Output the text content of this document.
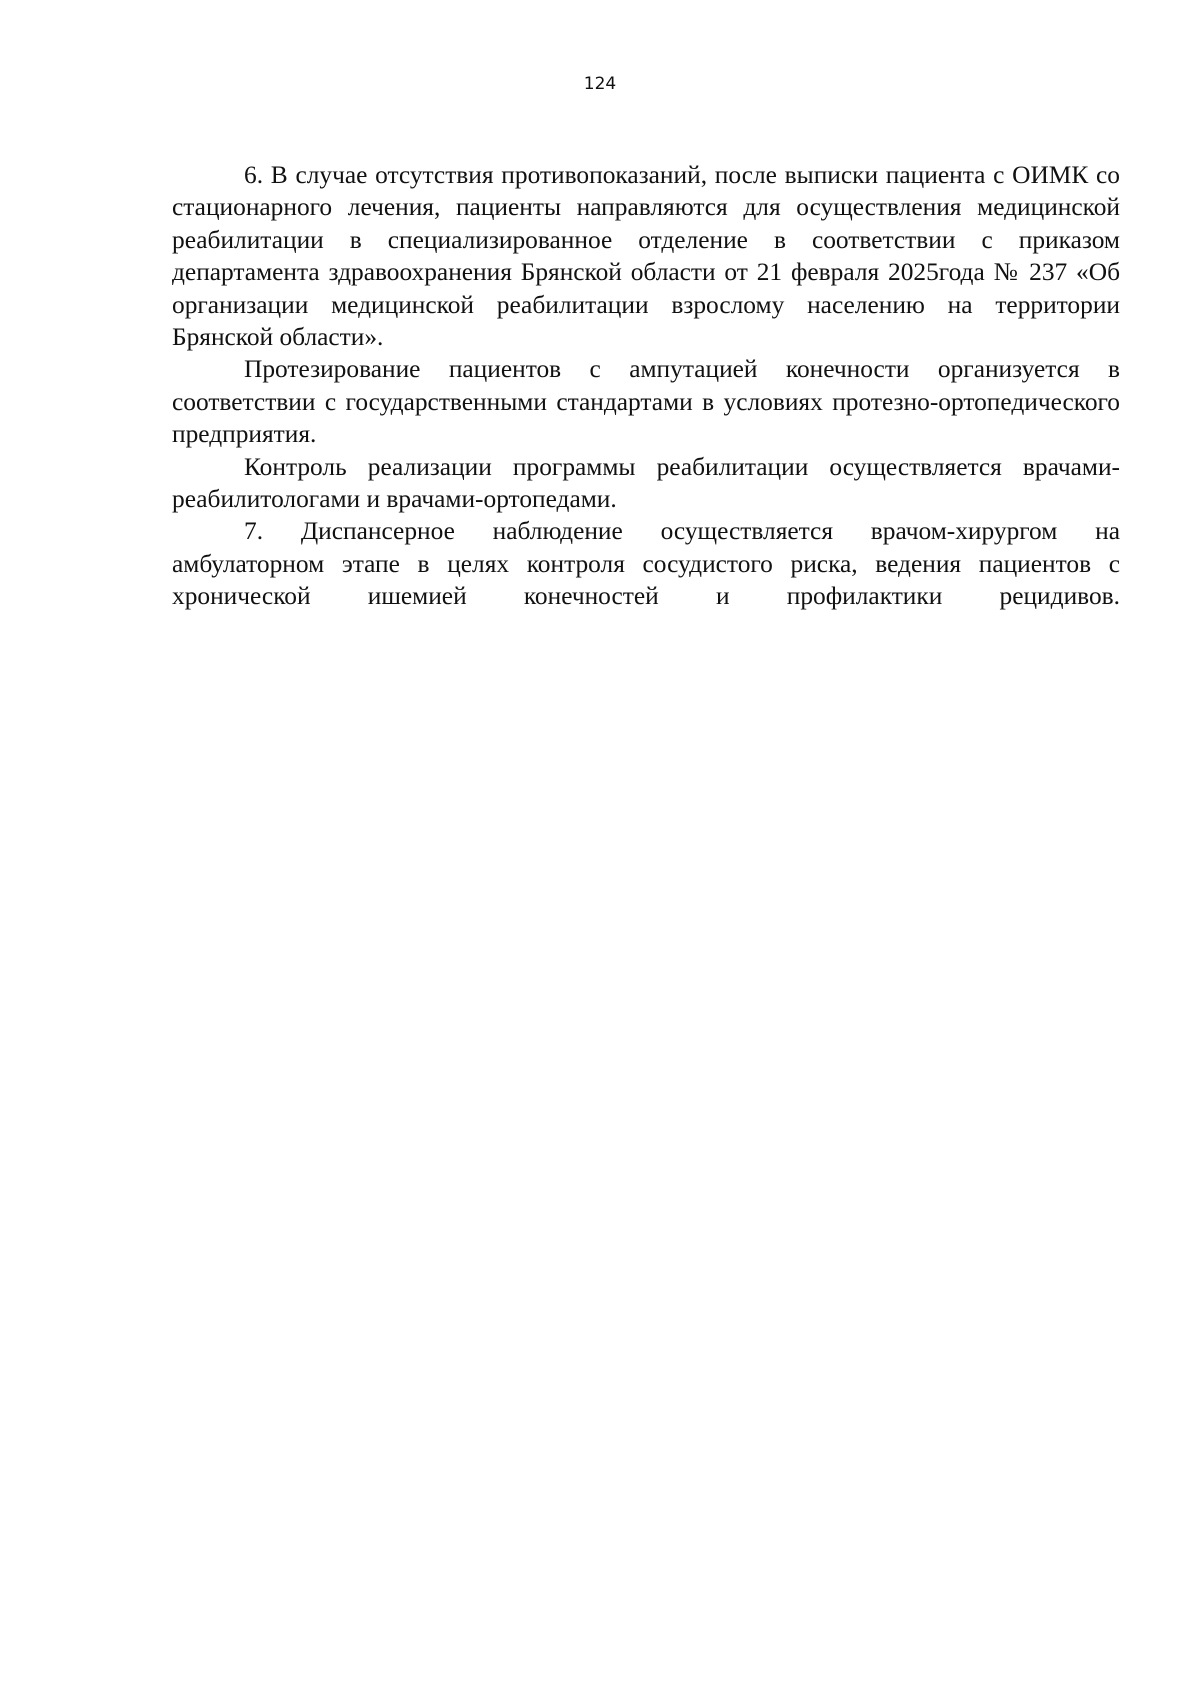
124

6. В случае отсутствия противопоказаний, после выписки пациента с ОИМК со стационарного лечения, пациенты направляются для осуществления медицинской реабилитации в специализированное отделение в соответствии с приказом департамента здравоохранения Брянской области от 21 февраля 2025года № 237 «Об организации медицинской реабилитации взрослому населению на территории Брянской области».

Протезирование пациентов с ампутацией конечности организуется в соответствии с государственными стандартами в условиях протезно-ортопедического предприятия.

Контроль реализации программы реабилитации осуществляется врачами-реабилитологами и врачами-ортопедами.

7. Диспансерное наблюдение осуществляется врачом-хирургом на амбулаторном этапе в целях контроля сосудистого риска, ведения пациентов с хронической ишемией конечностей и профилактики рецидивов.
